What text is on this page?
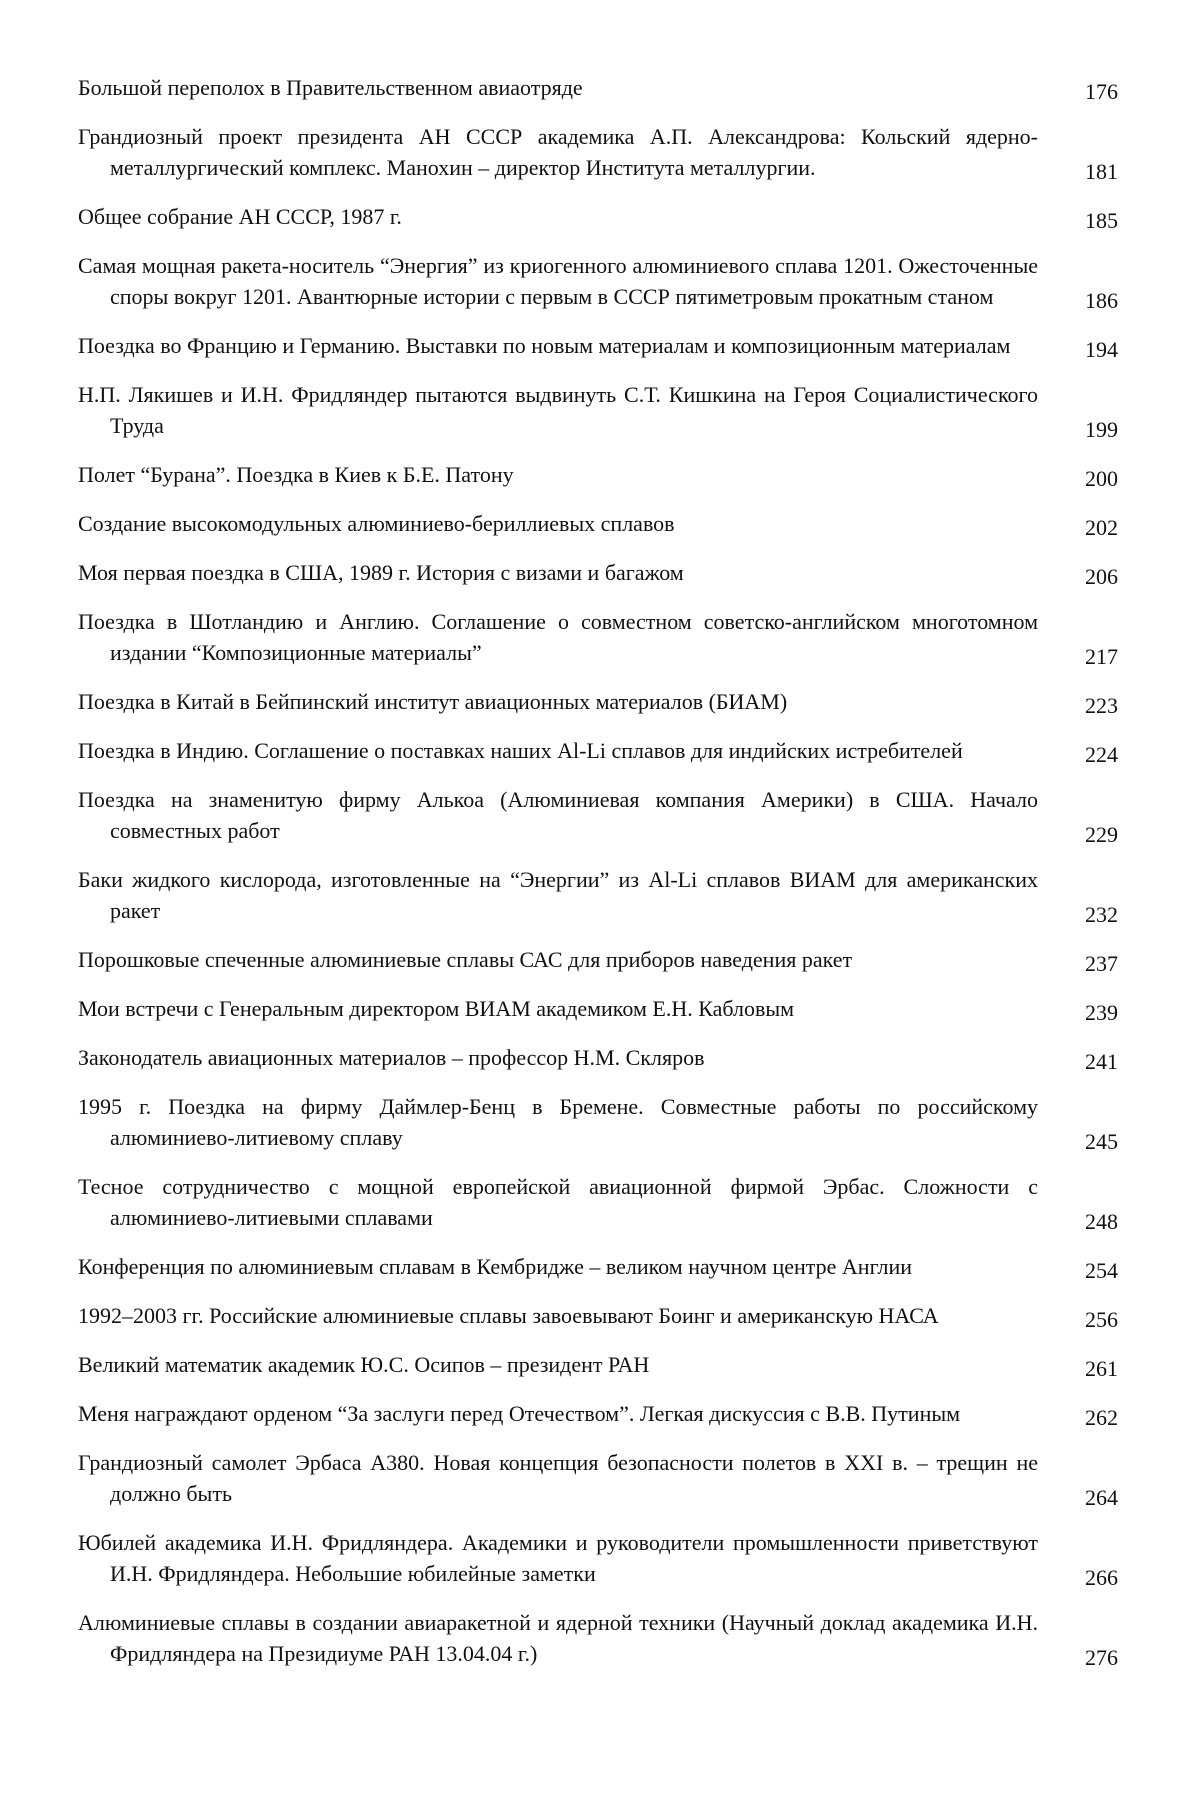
Большой переполох в Правительственном авиаотряде	176
Грандиозный проект президента АН СССР академика А.П. Александрова: Кольский ядерно-металлургический комплекс. Манохин – директор Института металлургии.	181
Общее собрание АН СССР, 1987 г.	185
Самая мощная ракета-носитель “Энергия” из криогенного алюминиевого сплава 1201. Ожесточенные споры вокруг 1201. Авантюрные истории с первым в СССР пятиметровым прокатным станом	186
Поездка во Францию и Германию. Выставки по новым материалам и композиционным материалам	194
Н.П. Лякишев и И.Н. Фридляндер пытаются выдвинуть С.Т. Кишкина на Героя Социалистического Труда	199
Полет “Бурана”. Поездка в Киев к Б.Е. Патону	200
Создание высокомодульных алюминиево-бериллиевых сплавов	202
Моя первая поездка в США, 1989 г. История с визами и багажом	206
Поездка в Шотландию и Англию. Соглашение о совместном советско-английском многотомном издании “Композиционные материалы”	217
Поездка в Китай в Бейпинский институт авиационных материалов (БИАМ)	223
Поездка в Индию. Соглашение о поставках наших Al-Li сплавов для индийских истребителей	224
Поездка на знаменитую фирму Алькоа (Алюминиевая компания Америки) в США. Начало совместных работ	229
Баки жидкого кислорода, изготовленные на “Энергии” из Al-Li сплавов ВИАМ для американских ракет	232
Порошковые спеченные алюминиевые сплавы САС для приборов наведения ракет	237
Мои встречи с Генеральным директором ВИАМ академиком Е.Н. Кабловым	239
Законодатель авиационных материалов – профессор Н.М. Скляров	241
1995 г. Поездка на фирму Даймлер-Бенц в Бремене. Совместные работы по российскому алюминиево-литиевому сплаву	245
Тесное сотрудничество с мощной европейской авиационной фирмой Эрбас. Сложности с алюминиево-литиевыми сплавами	248
Конференция по алюминиевым сплавам в Кембридже – великом научном центре Англии	254
1992–2003 гг. Российские алюминиевые сплавы завоевывают Боинг и американскую НАСА	256
Великий математик академик Ю.С. Осипов – президент РАН	261
Меня награждают орденом “За заслуги перед Отечеством”. Легкая дискуссия с В.В. Путиным	262
Грандиозный самолет Эрбаса А380. Новая концепция безопасности полетов в XXI в. – трещин не должно быть	264
Юбилей академика И.Н. Фридляндера. Академики и руководители промышленности приветствуют И.Н. Фридляндера. Небольшие юбилейные заметки	266
Алюминиевые сплавы в создании авиаракетной и ядерной техники (Научный доклад академика И.Н. Фридляндера на Президиуме РАН 13.04.04 г.)	276
